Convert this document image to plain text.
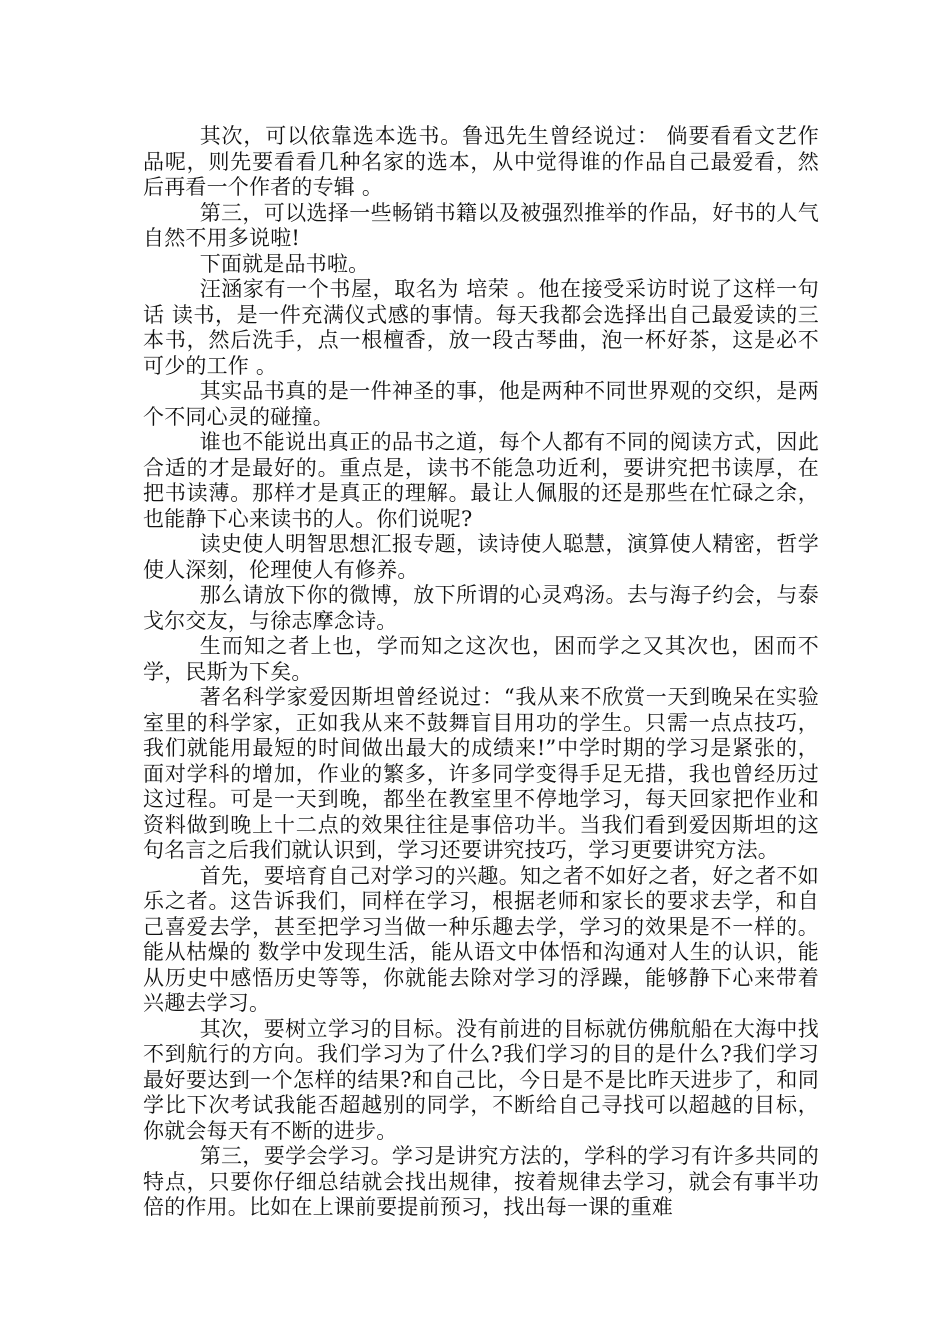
其次，可以依靠选本选书。鲁迅先生曾经说过： 倘要看看文艺作品呢，则先要看看几种名家的选本，从中觉得谁的作品自己最爱看，然后再看一个作者的专辑 。

第三，可以选择一些畅销书籍以及被强烈推举的作品，好书的人气自然不用多说啦!

下面就是品书啦。

汪涵家有一个书屋，取名为 培荣 。他在接受采访时说了这样一句话 读书，是一件充满仪式感的事情。每天我都会选择出自己最爱读的三本书，然后洗手，点一根檀香，放一段古琴曲，泡一杯好茶，这是必不可少的工作 。

其实品书真的是一件神圣的事，他是两种不同世界观的交织，是两个不同心灵的碰撞。

谁也不能说出真正的品书之道，每个人都有不同的阅读方式，因此合适的才是最好的。重点是，读书不能急功近利，要讲究把书读厚，在把书读薄。那样才是真正的理解。最让人佩服的还是那些在忙碌之余，也能静下心来读书的人。你们说呢?

读史使人明智思想汇报专题，读诗使人聪慧，演算使人精密，哲学使人深刻，伦理使人有修养。

那么请放下你的微博，放下所谓的心灵鸡汤。去与海子约会，与泰戈尔交友，与徐志摩念诗。

生而知之者上也，学而知之这次也，困而学之又其次也，困而不学，民斯为下矣。

著名科学家爱因斯坦曾经说过：“我从来不欣赏一天到晚呆在实验室里的科学家，正如我从来不鼓舞盲目用功的学生。只需一点点技巧，我们就能用最短的时间做出最大的成绩来!”中学时期的学习是紧张的，面对学科的增加，作业的繁多，许多同学变得手足无措，我也曾经历过这过程。可是一天到晚，都坐在教室里不停地学习，每天回家把作业和资料做到晚上十二点的效果往往是事倍功半。当我们看到爱因斯坦的这句名言之后我们就认识到，学习还要讲究技巧，学习更要讲究方法。

首先，要培育自己对学习的兴趣。知之者不如好之者，好之者不如乐之者。这告诉我们，同样在学习，根据老师和家长的要求去学，和自己喜爱去学，甚至把学习当做一种乐趣去学，学习的效果是不一样的。能从枯燥的 数学中发现生活，能从语文中体悟和沟通对人生的认识，能从历史中感悟历史等等，你就能去除对学习的浮躁，能够静下心来带着兴趣去学习。

其次，要树立学习的目标。没有前进的目标就仿佛航船在大海中找不到航行的方向。我们学习为了什么?我们学习的目的是什么?我们学习最好要达到一个怎样的结果?和自己比，今日是不是比昨天进步了，和同学比下次考试我能否超越别的同学，不断给自己寻找可以超越的目标，你就会每天有不断的进步。

第三，要学会学习。学习是讲究方法的，学科的学习有许多共同的特点，只要你仔细总结就会找出规律，按着规律去学习，就会有事半功倍的作用。比如在上课前要提前预习，找出每一课的重难
